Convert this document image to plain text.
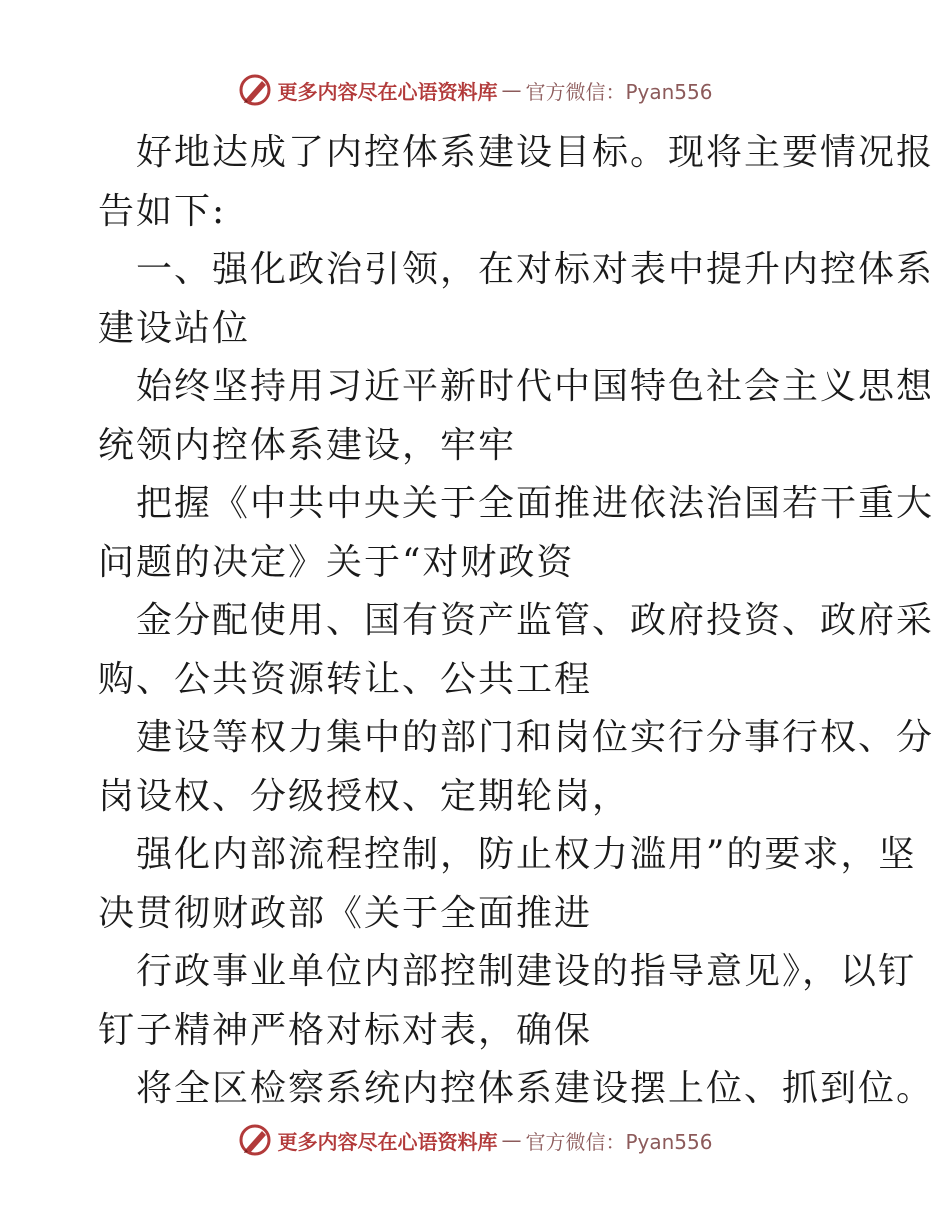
更多内容尽在心语资料库 — 官方微信：Pyan556
好地达成了内控体系建设目标。现将主要情况报
告如下:
一、强化政治引领，在对标对表中提升内控体系
建设站位
始终坚持用习近平新时代中国特色社会主义思想
统领内控体系建设，牢牢
把握《中共中央关于全面推进依法治国若干重大
问题的决定》关于“对财政资
金分配使用、国有资产监管、政府投资、政府采
购、公共资源转让、公共工程
建设等权力集中的部门和岗位实行分事行权、分
岗设权、分级授权、定期轮岗，
强化内部流程控制，防止权力滥用”的要求，坚
决贯彻财政部《关于全面推进
行政事业单位内部控制建设的指导意见》，以钉
钉子精神严格对标对表，确保
将全区检察系统内控体系建设摆上位、抓到位。
更多内容尽在心语资料库 — 官方微信：Pyan556
